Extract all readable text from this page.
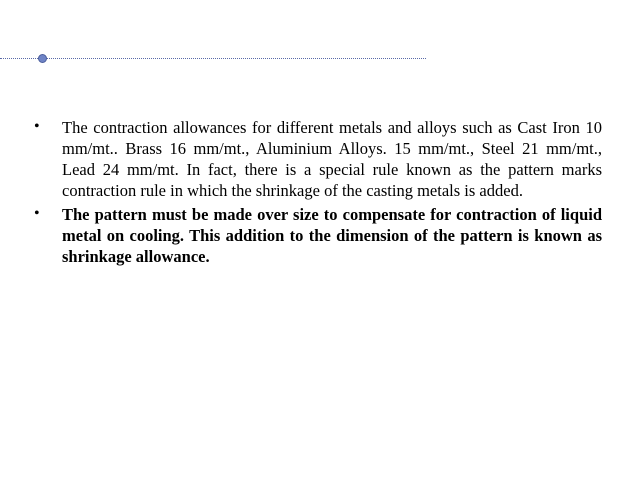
• The contraction allowances for different metals and alloys such as Cast Iron 10 mm/mt.. Brass 16 mm/mt., Aluminium Alloys. 15 mm/mt., Steel 21 mm/mt., Lead 24 mm/mt. In fact, there is a special rule known as the pattern marks contraction rule in which the shrinkage of the casting metals is added.
• The pattern must be made over size to compensate for contraction of liquid metal on cooling. This addition to the dimension of the pattern is known as shrinkage allowance.
